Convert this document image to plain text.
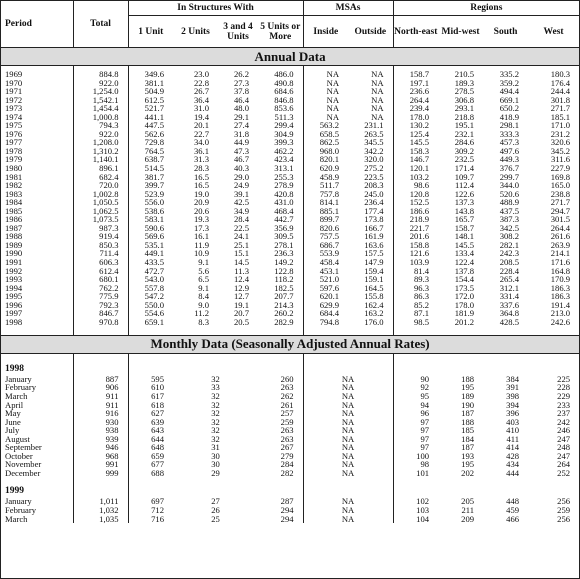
Period	Total	In Structures With				MSAs		Regions			
		1 Unit	2 Units	3 and 4 Units	5 Units or More	Inside	Outside	North-east	Mid-west	South	West
Annual Data											
1969	884.8	349.6	23.0	26.2	486.0	NA	NA	158.7	210.5	335.2	180.3
1970	922.0	381.1	22.8	27.3	490.8	NA	NA	197.1	189.3	359.2	176.4
1971	1,254.0	504.9	26.7	37.8	684.6	NA	NA	236.6	278.5	494.4	244.4
1972	1,542.1	612.5	36.4	46.4	846.8	NA	NA	264.4	306.8	669.1	301.8
1973	1,454.4	521.7	31.0	48.0	853.6	NA	NA	239.4	293.1	650.2	271.7
1974	1,000.8	441.1	19.4	29.1	511.3	NA	NA	178.0	218.8	418.9	185.1
1975	794.3	447.5	20.1	27.4	299.4	563.2	231.1	130.2	195.1	298.1	171.0
1976	922.0	562.6	22.7	31.8	304.9	658.5	263.5	125.4	232.1	333.3	231.2
1977	1,208.0	729.8	34.0	44.9	399.3	862.5	345.5	145.5	284.6	457.3	320.6
1978	1,310.2	764.5	36.1	47.3	462.2	968.0	342.2	158.3	309.2	497.6	345.2
1979	1,140.1	638.7	31.3	46.7	423.4	820.1	320.0	146.7	232.5	449.3	311.6
1980	896.1	514.5	28.3	40.3	313.1	620.9	275.2	120.1	171.4	376.7	227.9
1981	682.4	381.7	16.5	29.0	255.3	458.9	223.5	103.2	109.7	299.7	169.8
1982	720.0	399.7	16.5	24.9	278.9	511.7	208.3	98.6	112.4	344.0	165.0
1983	1,002.8	523.9	19.0	39.1	420.8	757.8	245.0	120.8	122.6	520.6	238.8
1984	1,050.5	556.0	20.9	42.5	431.0	814.1	236.4	152.5	137.3	488.9	271.7
1985	1,062.5	538.6	20.6	34.9	468.4	885.1	177.4	186.6	143.8	437.5	294.7
1986	1,073.5	583.1	19.3	28.4	442.7	899.7	173.8	218.9	165.7	387.3	301.5
1987	987.3	590.6	17.3	22.5	356.9	820.6	166.7	221.7	158.7	342.5	264.4
1988	919.4	569.6	16.1	24.1	309.5	757.5	161.9	201.6	148.1	308.2	261.6
1989	850.3	535.1	11.9	25.1	278.1	686.7	163.6	158.8	145.5	282.1	263.9
1990	711.4	449.1	10.9	15.1	236.3	553.9	157.5	121.6	133.4	242.3	214.1
1991	606.3	433.5	9.1	14.5	149.2	458.4	147.9	103.9	122.4	208.5	171.6
1992	612.4	472.7	5.6	11.3	122.8	453.1	159.4	81.4	137.8	228.4	164.8
1993	680.1	543.0	6.5	12.4	118.2	521.0	159.1	89.3	154.4	265.4	170.9
1994	762.2	557.8	9.1	12.9	182.5	597.6	164.5	96.3	173.5	312.1	186.3
1995	775.9	547.2	8.4	12.7	207.7	620.1	155.8	86.3	172.0	331.4	186.3
1996	792.3	550.0	9.0	19.1	214.3	629.9	162.4	85.2	178.0	337.6	191.4
1997	846.7	554.6	11.2	20.7	260.2	684.4	163.2	87.1	181.9	364.8	213.0
1998	970.8	659.1	8.3	20.5	282.9	794.8	176.0	98.5	201.2	428.5	242.6

Monthly Data (Seasonally Adjusted Annual Rates)											

1998											
January	887	595	32		260	NA		90	188	384	225
February	906	610	33		263	NA		92	195	391	228
March	911	617	32		262	NA		95	189	398	229
April	911	618	32		261	NA		94	190	394	233
May	916	627	32		257	NA		96	187	396	237
June	930	639	32		259	NA		97	188	403	242
July	938	643	32		263	NA		97	185	410	246
August	939	644	32		263	NA		97	184	411	247
September	946	648	31		267	NA		97	187	414	248
October	968	659	30		279	NA		100	193	428	247
November	991	677	30		284	NA		98	195	434	264
December	999	688	29		282	NA		101	202	444	252

1999											
January	1,011	697	27		287	NA		102	205	448	256
February	1,032	712	26		294	NA		103	211	459	259
March	1,035	716	25		294	NA		104	209	466	256
